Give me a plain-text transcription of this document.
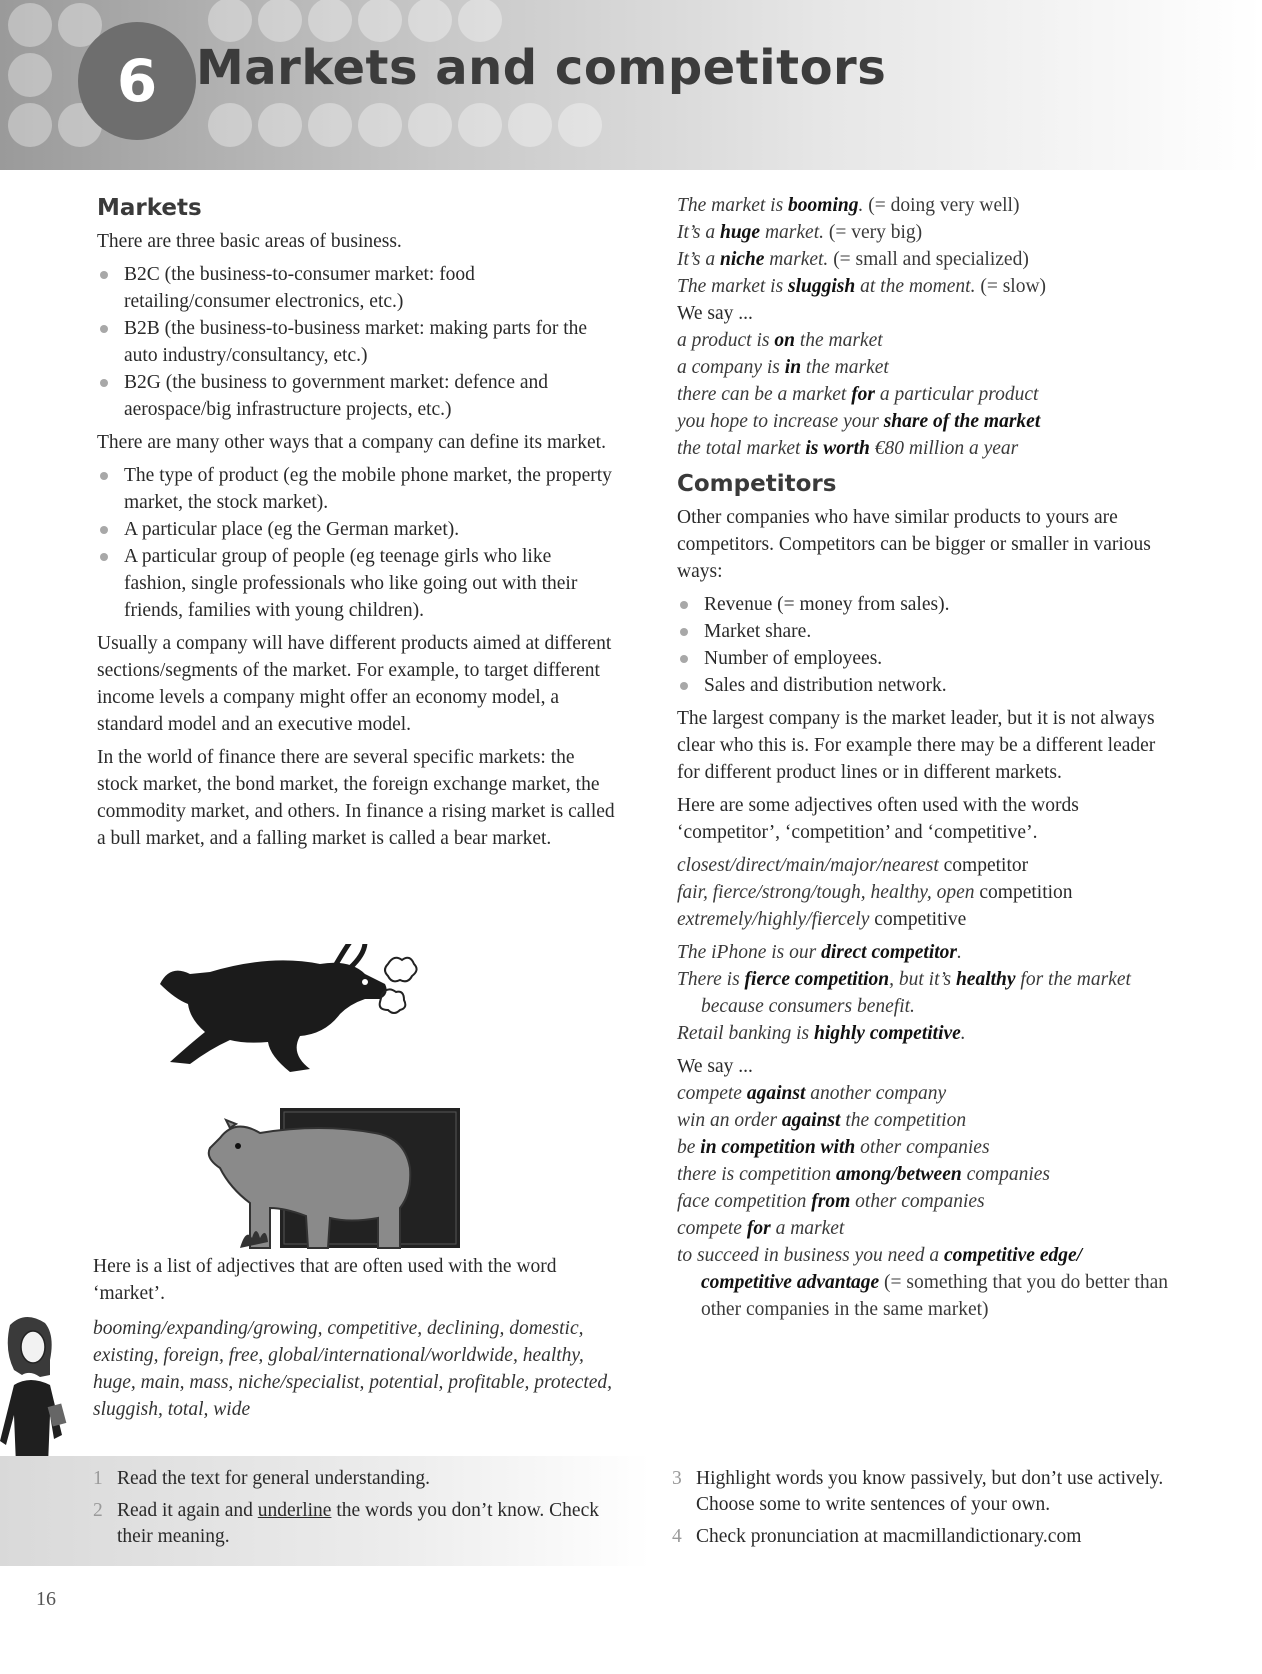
6 Markets and competitors
Markets

There are three basic areas of business.

B2C (the business-to-consumer market: food retailing/consumer electronics, etc.)
B2B (the business-to-business market: making parts for the auto industry/consultancy, etc.)
B2G (the business to government market: defence and aerospace/big infrastructure projects, etc.)

There are many other ways that a company can define its market.

The type of product (eg the mobile phone market, the property market, the stock market).
A particular place (eg the German market).
A particular group of people (eg teenage girls who like fashion, single professionals who like going out with their friends, families with young children).

Usually a company will have different products aimed at different sections/segments of the market. For example, to target different income levels a company might offer an economy model, a standard model and an executive model.

In the world of finance there are several specific markets: the stock market, the bond market, the foreign exchange market, the commodity market, and others. In finance a rising market is called a bull market, and a falling market is called a bear market.

Here is a list of adjectives that are often used with the word ‘market’.

booming/expanding/growing, competitive, declining, domestic, existing, foreign, free, global/international/worldwide, healthy, huge, main, mass, niche/specialist, potential, profitable, protected, sluggish, total, wide
The market is booming. (= doing very well)
It’s a huge market. (= very big)
It’s a niche market. (= small and specialized)
The market is sluggish at the moment. (= slow)
We say ...
a product is on the market
a company is in the market
there can be a market for a particular product
you hope to increase your share of the market
the total market is worth €80 million a year
Competitors

Other companies who have similar products to yours are competitors. Competitors can be bigger or smaller in various ways:

Revenue (= money from sales).
Market share.
Number of employees.
Sales and distribution network.

The largest company is the market leader, but it is not always clear who this is. For example there may be a different leader for different product lines or in different markets.

Here are some adjectives often used with the words ‘competitor’, ‘competition’ and ‘competitive’.

closest/direct/main/major/nearest competitor
fair, fierce/strong/tough, healthy, open competition
extremely/highly/fiercely competitive
The iPhone is our direct competitor.
There is fierce competition, but it’s healthy for the market because consumers benefit.
Retail banking is highly competitive.
We say ...
compete against another company
win an order against the competition
be in competition with other companies
there is competition among/between companies
face competition from other companies
compete for a market
to succeed in business you need a competitive edge/ competitive advantage (= something that you do better than other companies in the same market)
1 Read the text for general understanding.
2 Read it again and underline the words you don’t know. Check their meaning.
3 Highlight words you know passively, but don’t use actively. Choose some to write sentences of your own.
4 Check pronunciation at macmillandictionary.com
16
